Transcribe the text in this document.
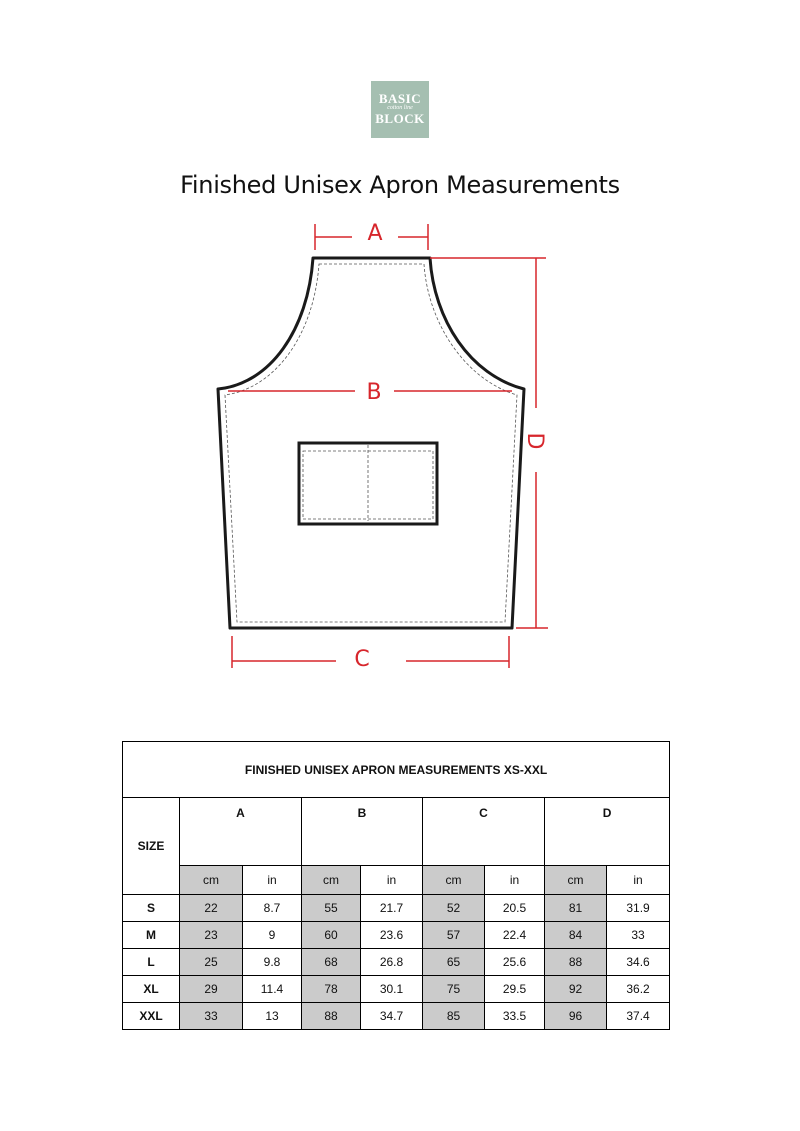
BASIC
cotton line
BLOCK
Finished Unisex Apron Measurements
A
B
C
D
FINISHED UNISEX APRON MEASUREMENTS XS-XXL								
SIZE	A		B		C		D	
	cm	in	cm	in	cm	in	cm	in
S	22	8.7	55	21.7	52	20.5	81	31.9
M	23	9	60	23.6	57	22.4	84	33
L	25	9.8	68	26.8	65	25.6	88	34.6
XL	29	11.4	78	30.1	75	29.5	92	36.2
XXL	33	13	88	34.7	85	33.5	96	37.4
